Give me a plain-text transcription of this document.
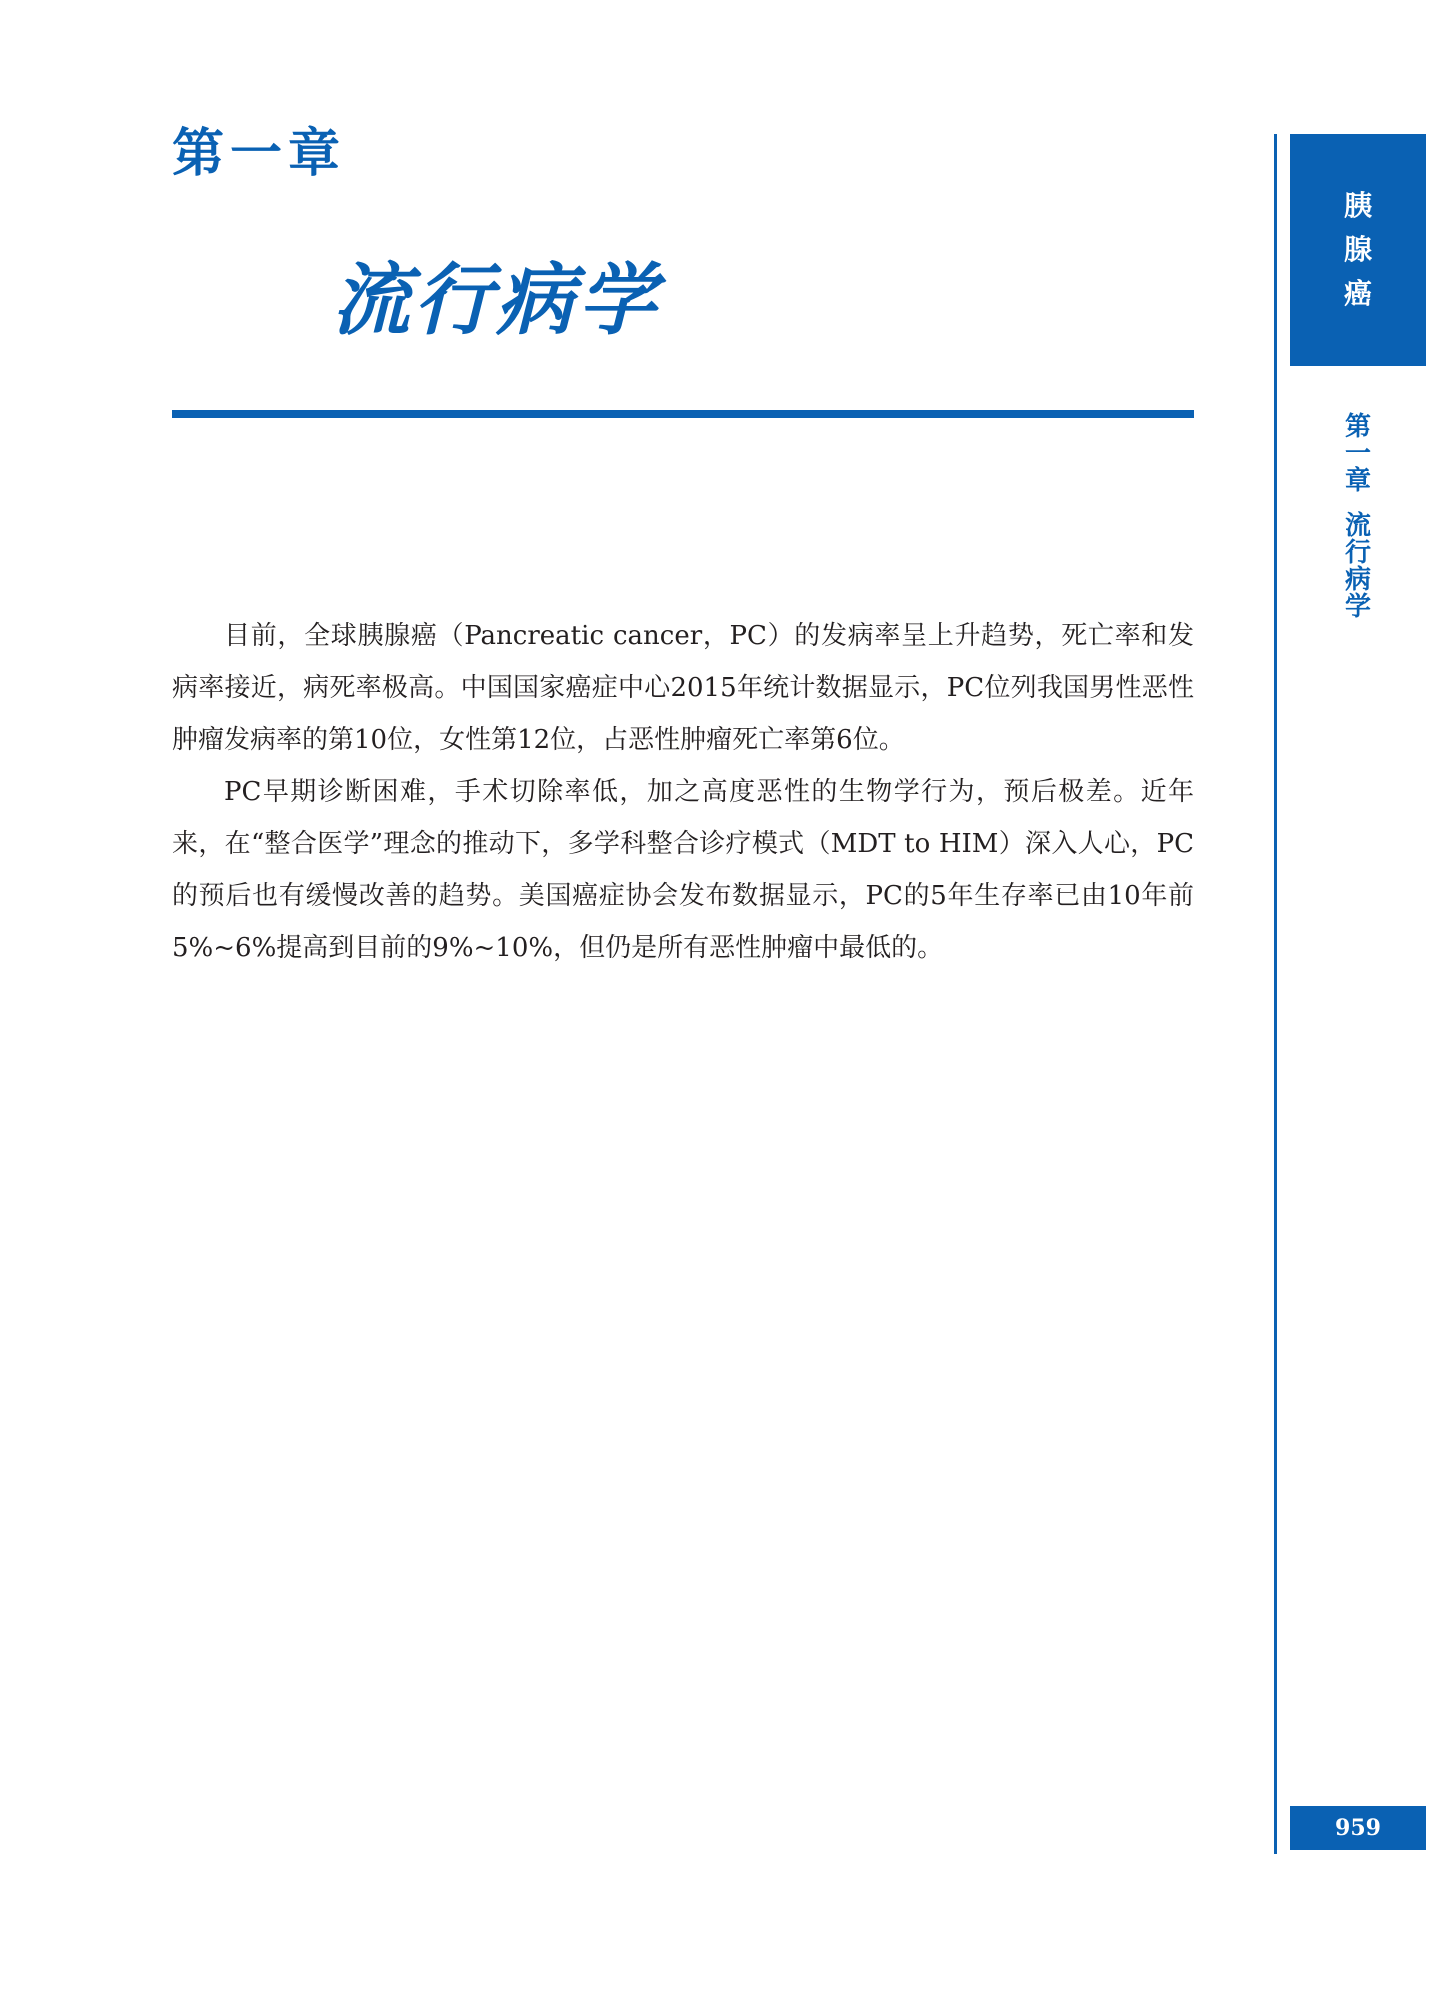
第一章
流行病学

目前，全球胰腺癌（Pancreatic cancer，PC）的发病率呈上升趋势，死亡率和发病率接近，病死率极高。中国国家癌症中心2015年统计数据显示，PC位列我国男性恶性肿瘤发病率的第10位，女性第12位，占恶性肿瘤死亡率第6位。

PC早期诊断困难，手术切除率低，加之高度恶性的生物学行为，预后极差。近年来，在“整合医学”理念的推动下，多学科整合诊疗模式（MDT to HIM）深入人心，PC的预后也有缓慢改善的趋势。美国癌症协会发布数据显示，PC的5年生存率已由10年前5%~6%提高到目前的9%~10%，但仍是所有恶性肿瘤中最低的。

胰
腺
癌
第
一
章
流
行
病
学
959
